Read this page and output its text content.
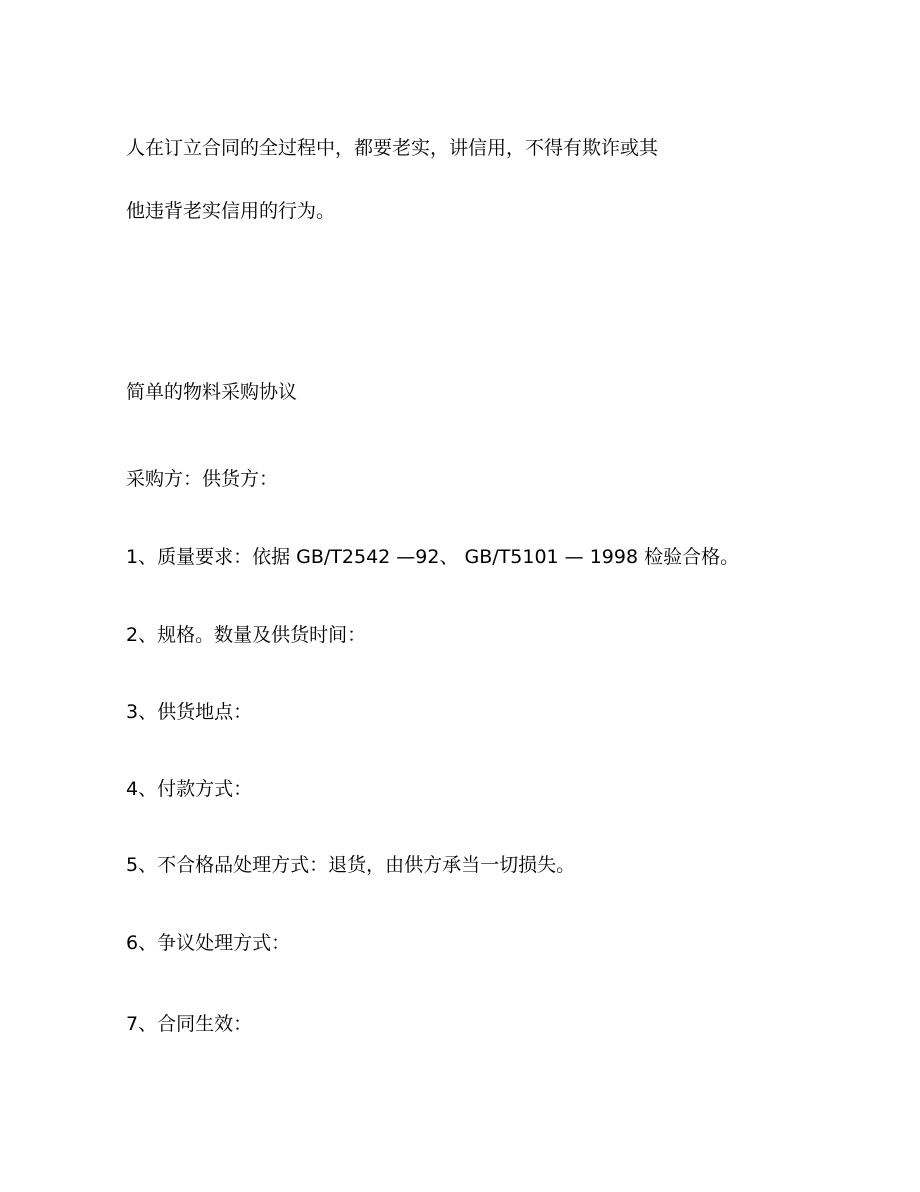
人在订立合同的全过程中，都要老实，讲信用，不得有欺诈或其
他违背老实信用的行为。
简单的物料采购协议
采购方：供货方：
1、质量要求：依据 GB/T2542 —92、 GB/T5101 — 1998 检验合格。
2、规格。数量及供货时间：
3、供货地点：
4、付款方式：
5、不合格品处理方式：退货，由供方承当一切损失。
6、争议处理方式：
7、合同生效：
